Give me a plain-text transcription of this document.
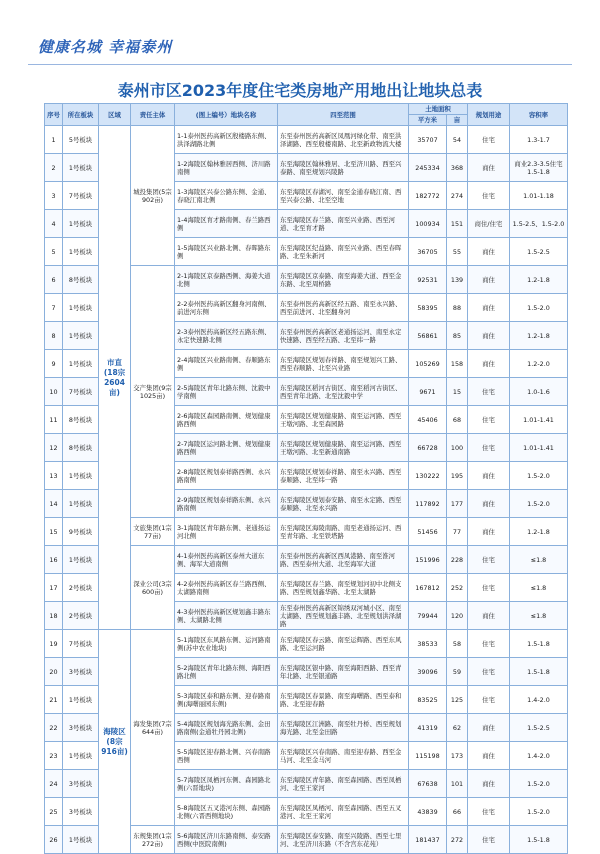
健康名城 幸福泰州
泰州市区2023年度住宅类房地产用地出让地块总表
序号	所在板块	区域	责任主体	(图上编号）地块名称	四至范围	土地面积		规划用途	容积率
						平方米	亩		
1	5号板块	市直(18宗2604亩)	城投集团(5宗902亩)	1-1泰州医药高新区殷楼路东侧、洪泽湖路北侧	东至泰州医药高新区凤凰河绿化带、南至洪泽湖路、西至殷楼南路、北至新政物流大楼	35707	54	住宅	1.3-1.7
2	1号板块			1-2海陵区翰林雅居西侧、济川路南侧	东至海陵区翰林雅居、北至济川路、西至兴泰路、南至规划兴陵路	245334	368	商住	商业2.3-3.5住宅1.5-1.8
3	7号板块			1-3海陵区兴泰公路东侧、金通、春晓江南北侧	东至海陵区春湖河、南至金通春晓江南、西至兴泰公路、北至空地	182772	274	住宅	1.01-1.18
4	1号板块			1-4海陵区育才路南侧、春兰路西侧	东至海陵区春兰路、南至兴业路、西至河道、北至育才路	100934	151	商住/住宅	1.5-2.5、1.5-2.0
5	1号板块			1-5海陵区兴业路北侧、春晖路东侧	东至海陵区纪益路、南至兴业路、西至春晖路、北至朱新河	36705	55	商住	1.5-2.5
6	8号板块		交产集团(9宗1025亩)	2-1海陵区京泰路西侧、海姜大道北侧	东至海陵区京泰路、南至海姜大道、西至金东路、北至周桥路	92531	139	商住	1.2-1.8
7	1号板块			2-2泰州医药高新区翻身河南侧、前进河东侧	东至泰州医药高新区经五路、南至永兴路、西至前进河、北至翻身河	58395	88	商住	1.5-2.0
8	1号板块			2-3泰州医药高新区经五路东侧、永定快速路北侧	东至泰州医药高新区老通扬运河、南至永定快速路、西至经五路、北至纬一路	56861	85	商住	1.2-1.8
9	1号板块			2-4海陵区兴业路南侧、春顺路东侧	东至海陵区规划春祥路、南至规划兴工路、西至春顺路、北至兴业路	105269	158	商住	1.2-2.0
10	7号板块			2-5海陵区青年北路东侧、沈毅中学南侧	东至海陵区稻河古街区、南至稻河古街区、西至青年北路、北至沈毅中学	9671	15	住宅	1.0-1.6
11	8号板块			2-6海陵区森园路南侧、规划健康路西侧	东至海陵区规划健康路、南至运河路、西至王墩河路、北至森园路	45406	68	住宅	1.01-1.41
12	8号板块			2-7海陵区运河路北侧、规划健康路西侧	东至海陵区规划健康路、南至运河路、西至王墩河路、北至新通南路	66728	100	住宅	1.01-1.41
13	1号板块			2-8海陵区规划泰祥路西侧、永兴路南侧	东至海陵区规划泰祥路、南至永兴路、西至泰顺路、北至纬一路	130222	195	商住	1.5-2.0
14	1号板块			2-9海陵区规划泰祥路东侧、永兴路南侧	东至海陵区规划泰安路、南至永定路、西至泰顺路、北至永兴路	117892	177	商住	1.5-2.0
15	9号板块		文旅集团(1宗77亩)	3-1海陵区青年路东侧、老通扬运河北侧	东至海陵区海陵南路、南至老通扬运河、西至青年路、北至铁塔路	51456	77	商住	1.2-1.8
16	1号板块		深业公司(3宗600亩)	4-1泰州医药高新区泰州大道东侧、海军大道南侧	东至泰州医药高新区西凤港路、南至淮河路、西至泰州大道、北至海军大道	151996	228	住宅	≤1.8
17	2号板块			4-2泰州医药高新区春兰路西侧、太湖路南侧	东至海陵区春兰路、南至规划河初中北侧支路、西至规划鑫华路、北至太湖路	167812	252	住宅	≤1.8
18	2号板块			4-3泰州医药高新区规划鑫丰路东侧、太湖路北侧	东至泰州医药高新区锦绣双河城小区、南至太湖路、西至规划鑫丰路、北至规划洪泽湖路	79944	120	商住	≤1.8
19	7号板块	海陵区(8宗916亩)	海发集团(7宗644亩)	5-1海陵区东风路东侧、运河路南侧(苏中农业地块)	东至海陵区春云路、南至运辉路、西至东风路、北至运河路	38533	58	住宅	1.5-1.8
20	3号板块			5-2海陵区青年北路东侧、海阳西路北侧	东至海陵区银中路、南至海阳西路、西至青年北路、北至银通路	39096	59	住宅	1.5-1.8
21	1号板块			5-3海陵区泰和路东侧、迎春路南侧(海曙丽园东侧)	东至海陵区春景路、南至海曙路、西至泰和路、北至迎春路	83525	125	住宅	1.4-2.0
22	3号板块			5-4海陵区规划海光路东侧、金田路南侧(金通牡丹园北侧)	东至海陵区江洲路、南至牡丹桥、西至规划海光路、北至金田路	41319	62	商住	1.5-2.5
23	1号板块			5-5海陵区迎春路北侧、兴春南路西侧	东至海陵区兴春南路、南至迎春路、西至金马河、北至金马河	115198	173	商住	1.4-2.0
24	3号板块			5-7海陵区凤栖河东侧、森园路北侧(六晋地块)	东至海陵区青年路、南至森园路、西至凤栖河、北至王家河	67638	101	商住	1.5-2.0
25	3号板块			5-8海陵区五叉港河东侧、森园路北侧(六晋西侧地块)	东至海陵区凤栖河、南至森园路、西至五叉港河、北至王家河	43839	66	住宅	1.5-2.0
26	1号板块		东规集团(1宗272亩)	5-6海陵区济川东路南侧、泰安路西侧(中医院南侧)	东至海陵区泰安路、南至兴陵路、西至七里河、北至济川东路（不含宫东花苑）	181437	272	住宅	1.5-1.8
